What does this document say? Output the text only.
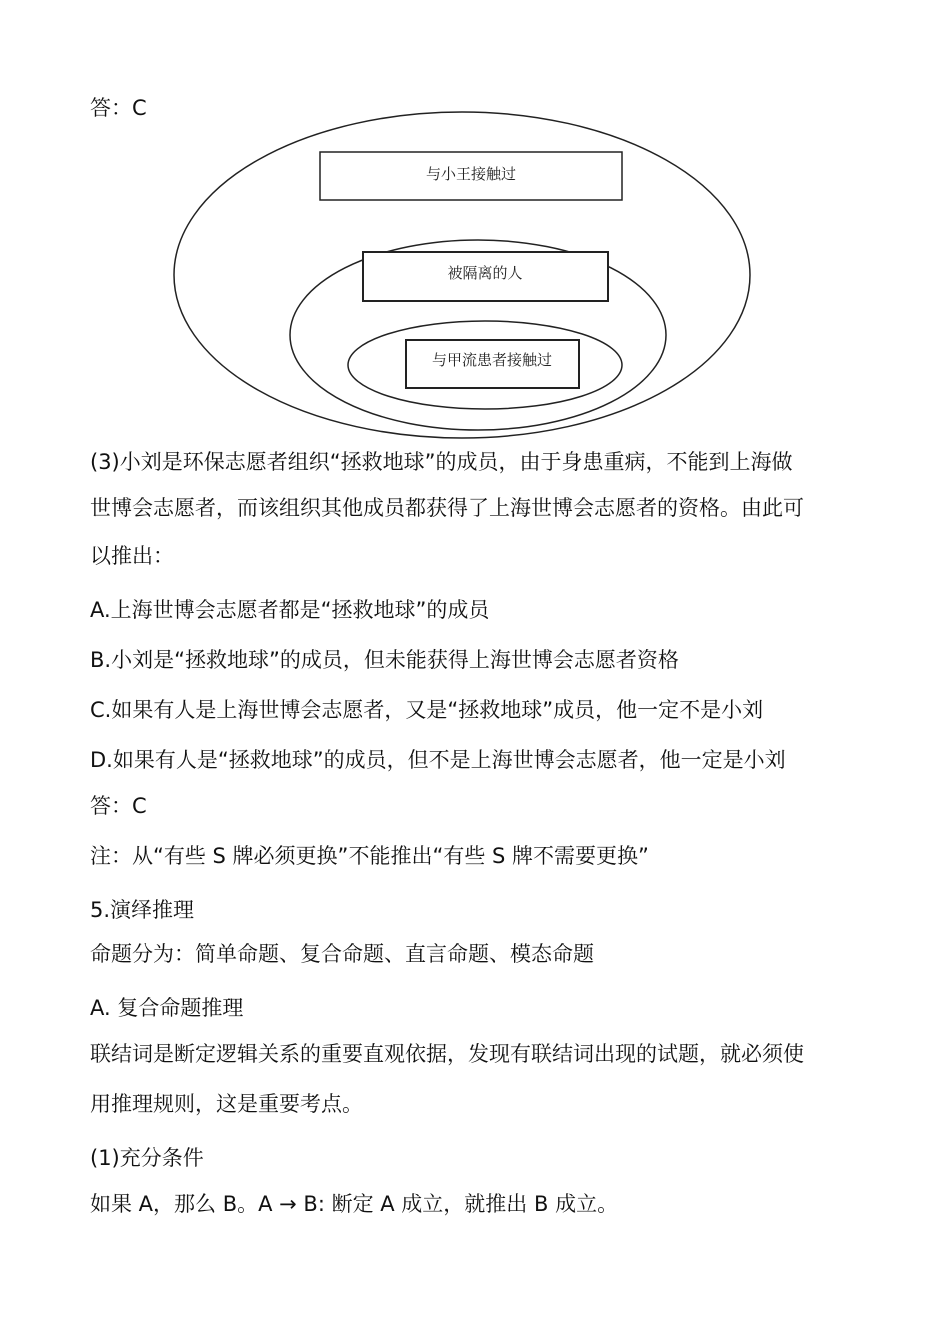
答：C
与小王接触过
被隔离的人
与甲流患者接触过
(3)小刘是环保志愿者组织“拯救地球”的成员，由于身患重病，不能到上海做
世博会志愿者，而该组织其他成员都获得了上海世博会志愿者的资格。由此可
以推出：
A.上海世博会志愿者都是“拯救地球”的成员
B.小刘是“拯救地球”的成员，但未能获得上海世博会志愿者资格
C.如果有人是上海世博会志愿者，又是“拯救地球”成员，他一定不是小刘
D.如果有人是“拯救地球”的成员，但不是上海世博会志愿者，他一定是小刘
答：C
注：从“有些 S 牌必须更换”不能推出“有些 S 牌不需要更换”
5.演绎推理
命题分为：简单命题、复合命题、直言命题、模态命题
A. 复合命题推理
联结词是断定逻辑关系的重要直观依据，发现有联结词出现的试题，就必须使
用推理规则，这是重要考点。
(1)充分条件
如果 A，那么 B。A → B: 断定 A 成立，就推出 B 成立。
